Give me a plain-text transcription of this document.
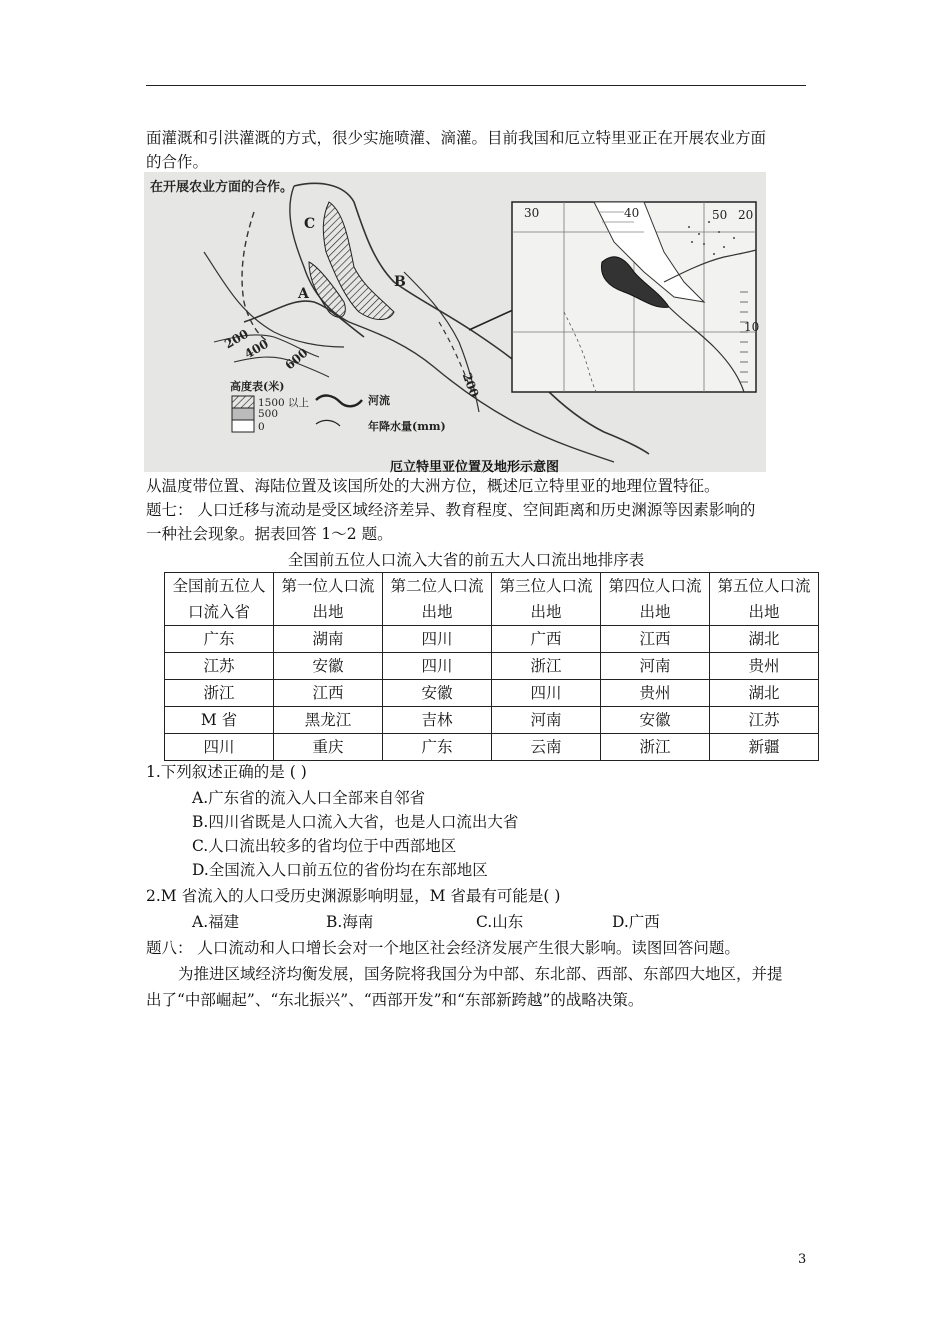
面灌溉和引洪灌溉的方式，很少实施喷灌、滴灌。目前我国和厄立特里亚正在开展农业方面
的合作。
在开展农业方面的合作。
C
A
B
200
400 600
200
30	40	50 20
10
高度表(米)
1500 以上
500
0
河流
年降水量(mm)
厄立特里亚位置及地形示意图
从温度带位置、海陆位置及该国所处的大洲方位，概述厄立特里亚的地理位置特征。
题七： 人口迁移与流动是受区域经济差异、教育程度、空间距离和历史渊源等因素影响的
一种社会现象。据表回答 1～2 题。
全国前五位人口流入大省的前五大人口流出地排序表
全国前五位人口流入省	第一位人口流出地	第二位人口流出地	第三位人口流出地	第四位人口流出地	第五位人口流出地
广东	湖南	四川	广西	江西	湖北
江苏	安徽	四川	浙江	河南	贵州
浙江	江西	安徽	四川	贵州	湖北
M 省	黑龙江	吉林	河南	安徽	江苏
四川	重庆	广东	云南	浙江	新疆
1.下列叙述正确的是 ( )
A.广东省的流入人口全部来自邻省
B.四川省既是人口流入大省，也是人口流出大省
C.人口流出较多的省均位于中西部地区
D.全国流入人口前五位的省份均在东部地区
2.M 省流入的人口受历史渊源影响明显，M 省最有可能是( )
A.福建	B.海南	C.山东	D.广西
题八： 人口流动和人口增长会对一个地区社会经济发展产生很大影响。读图回答问题。
为推进区域经济均衡发展，国务院将我国分为中部、东北部、西部、东部四大地区，并提
出了“中部崛起”、“东北振兴”、“西部开发”和“东部新跨越”的战略决策。
3
